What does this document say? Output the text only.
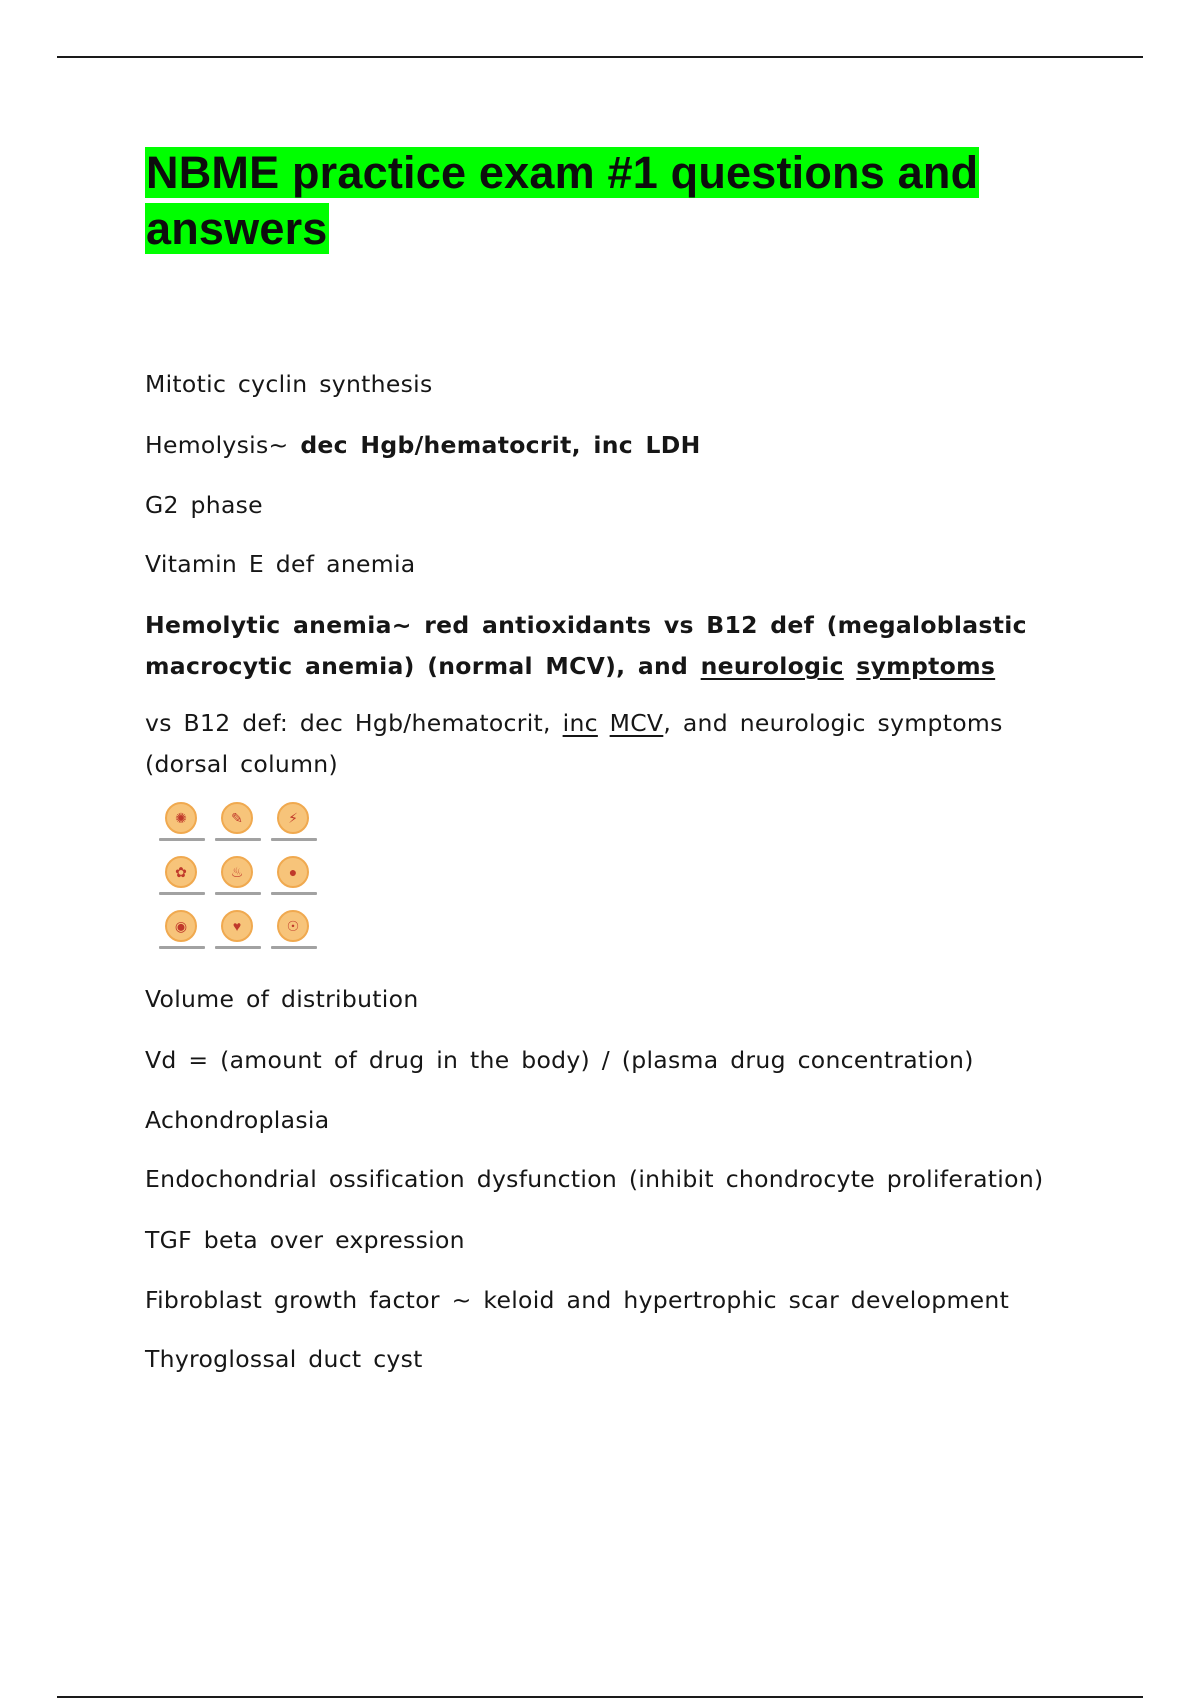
NBME practice exam #1 questions and answers

Mitotic cyclin synthesis

Hemolysis~ dec Hgb/hematocrit, inc LDH

G2 phase

Vitamin E def anemia

Hemolytic anemia~ red antioxidants vs B12 def (megaloblastic macrocytic anemia) (normal MCV), and neurologic symptoms

vs B12 def: dec Hgb/hematocrit, inc MCV, and neurologic symptoms (dorsal column)

✺	✎	⚡
✿	♨	●
◉	♥	☉

Volume of distribution

Vd = (amount of drug in the body) / (plasma drug concentration)

Achondroplasia

Endochondrial ossification dysfunction (inhibit chondrocyte proliferation)

TGF beta over expression

Fibroblast growth factor ~ keloid and hypertrophic scar development

Thyroglossal duct cyst
